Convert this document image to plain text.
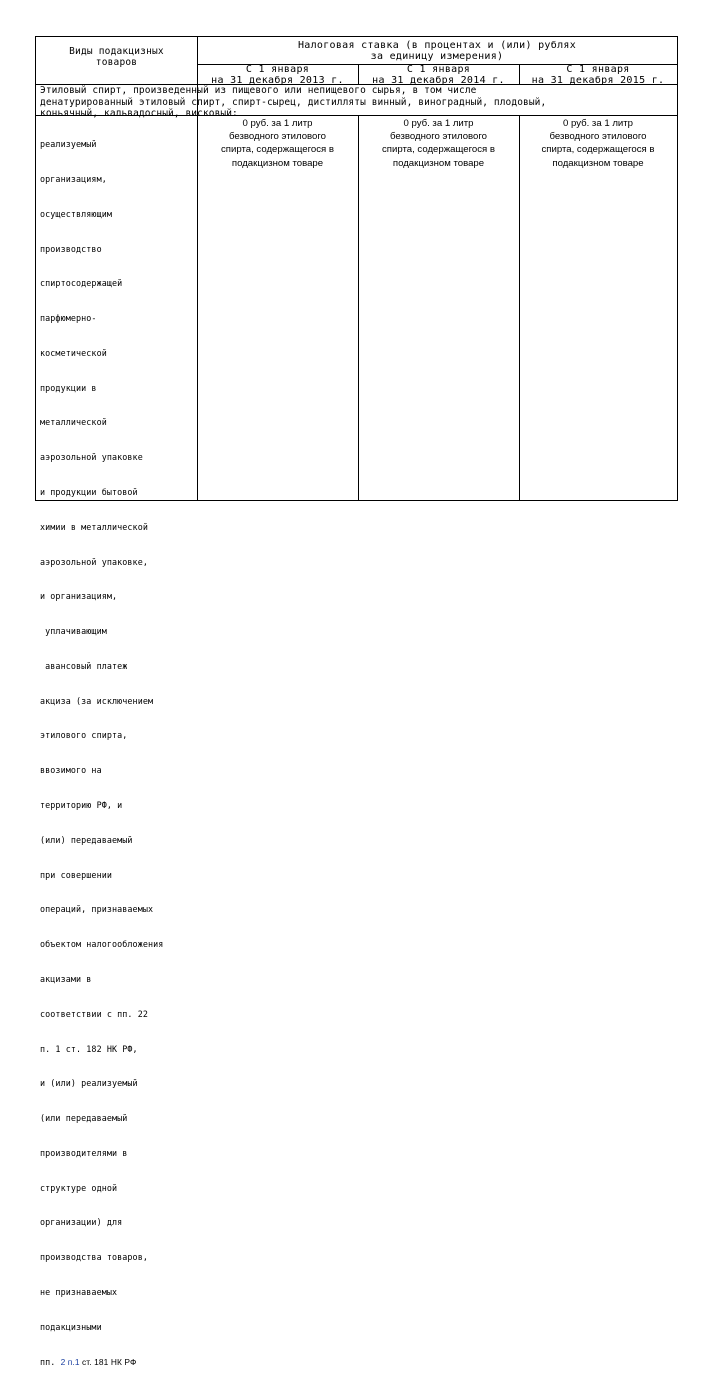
Виды подакцизных
товаров
Налоговая ставка (в процентах и (или) рублях
за единицу измерения)
С 1 января
на 31 декабря 2013 г.
С 1 января
на 31 декабря 2014 г.
С 1 января
на 31 декабря 2015 г.
Этиловый спирт, произведенный из пищевого или непищевого сырья, в том числе
денатурированный этиловый спирт, спирт-сырец, дистилляты винный, виноградный, плодовый,
коньячный, кальвадосный, висковый:

реализуемый

организациям,

осуществляющим

производство

спиртосодержащей

парфюмерно-

косметической

продукции в

металлической

аэрозольной упаковке

и продукции бытовой

химии в металлической

аэрозольной упаковке,

и организациям,

уплачивающим

авансовый платеж

акциза (за исключением

этилового спирта,

ввозимого на

территорию РФ, и

(или) передаваемый

при совершении

операций, признаваемых

объектом налогообложения

акцизами в

соответствии с пп. 22

п. 1 ст. 182 НК РФ,

и (или) реализуемый

(или передаваемый

производителями в

структуре одной

организации) для

производства товаров,

не признаваемых

подакцизными

пп. 2 п.1 ст. 181 НК РФ

0 руб. за 1 литр
безводного этилового
спирта, содержащегося в
подакцизном товаре
0 руб. за 1 литр
безводного этилового
спирта, содержащегося в
подакцизном товаре
0 руб. за 1 литр
безводного этилового
спирта, содержащегося в
подакцизном товаре
